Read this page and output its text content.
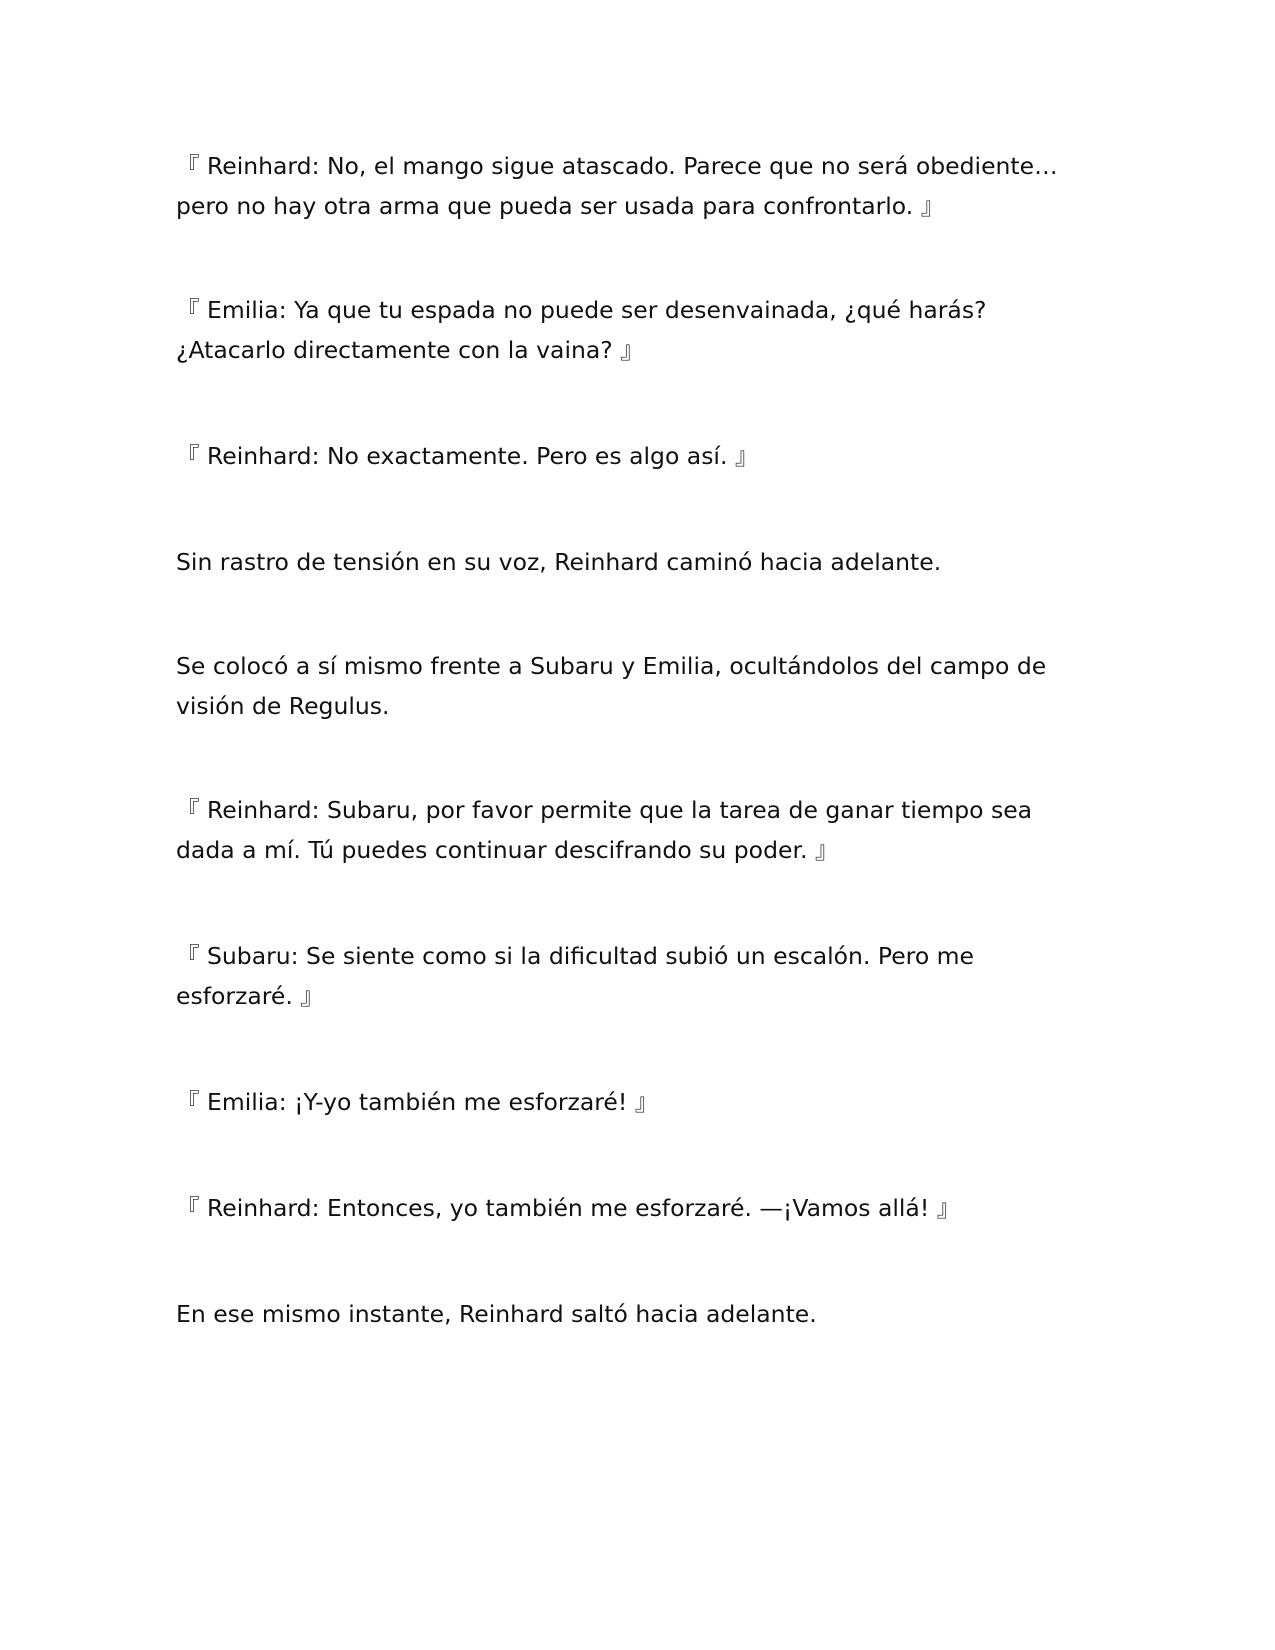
『 Reinhard: No, el mango sigue atascado. Parece que no será obediente…
pero no hay otra arma que pueda ser usada para confrontarlo. 』

『 Emilia: Ya que tu espada no puede ser desenvainada, ¿qué harás?
¿Atacarlo directamente con la vaina? 』

『 Reinhard: No exactamente. Pero es algo así. 』

Sin rastro de tensión en su voz, Reinhard caminó hacia adelante.

Se colocó a sí mismo frente a Subaru y Emilia, ocultándolos del campo de
visión de Regulus.

『 Reinhard: Subaru, por favor permite que la tarea de ganar tiempo sea
dada a mí. Tú puedes continuar descifrando su poder. 』

『 Subaru: Se siente como si la dificultad subió un escalón. Pero me
esforzaré. 』

『 Emilia: ¡Y-yo también me esforzaré! 』

『 Reinhard: Entonces, yo también me esforzaré. —¡Vamos allá! 』

En ese mismo instante, Reinhard saltó hacia adelante.
